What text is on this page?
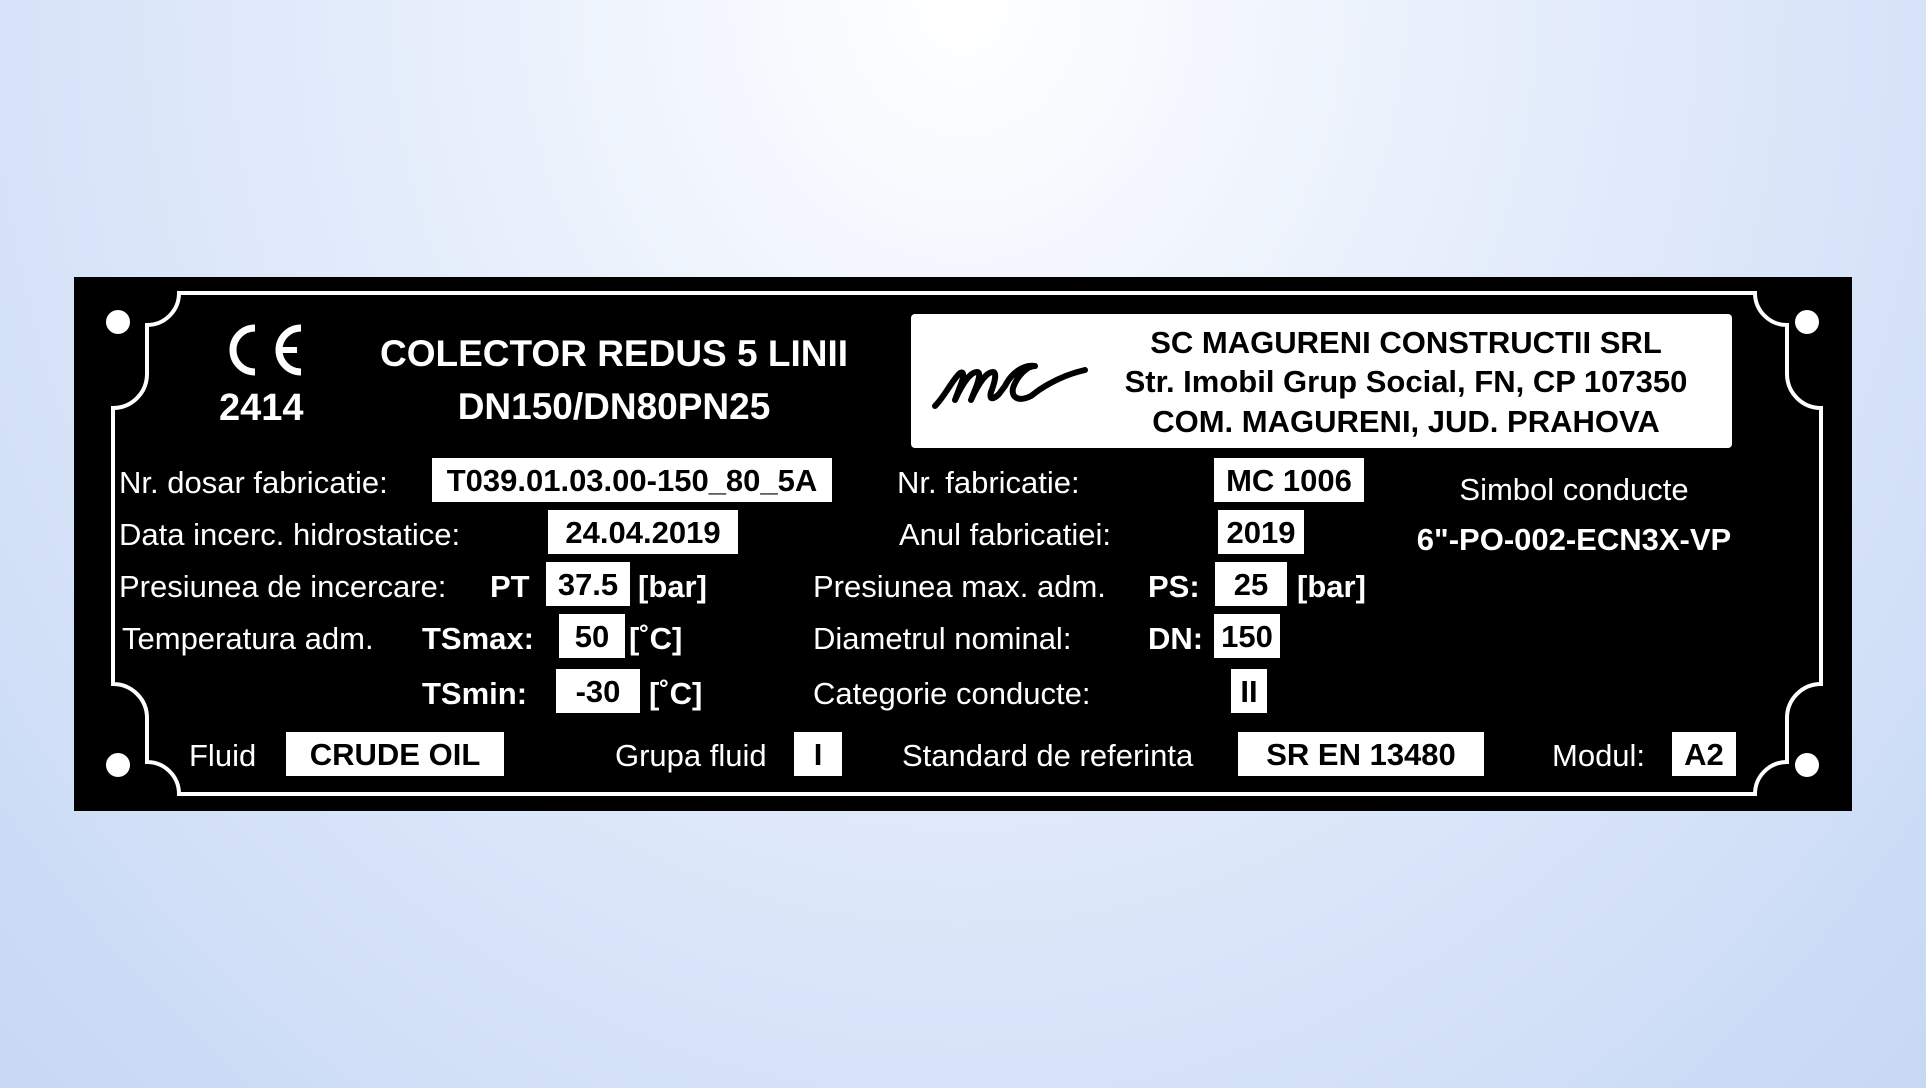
2414
COLECTOR REDUS 5 LINII
DN150/DN80PN25
SC MAGURENI CONSTRUCTII SRL
Str. Imobil Grup Social, FN, CP 107350
COM. MAGURENI, JUD. PRAHOVA
Nr. dosar fabricatie:	T039.01.03.00-150_80_5A
Data incerc. hidrostatice:	24.04.2019
Presiunea de incercare: PT 37.5 [bar]
Temperatura adm. TSmax:	50 [˚C]
TSmin:	-30 [˚C]
Nr. fabricatie:	MC 1006
Anul fabricatiei:	2019
Presiunea max. adm. PS:	25 [bar]
Diametrul nominal: DN: 150
Categorie conducte:	II
Simbol conducte
6"-PO-002-ECN3X-VP
Fluid	CRUDE OIL	Grupa fluid	I	Standard de referinta	SR EN 13480	Modul:	A2
